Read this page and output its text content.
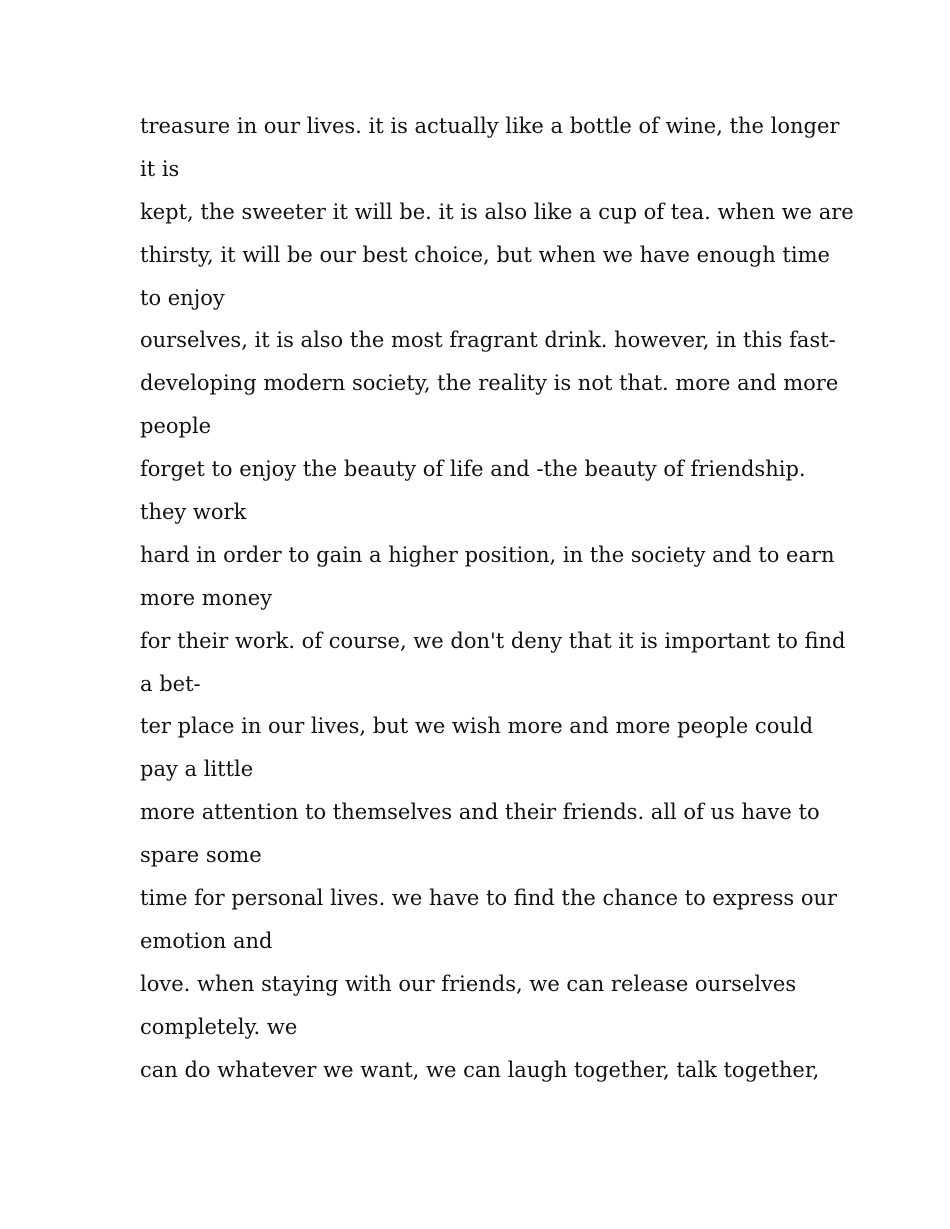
treasure in our lives. it is actually like a bottle of wine, the longer

it is

kept, the sweeter it will be. it is also like a cup of tea. when we are

thirsty, it will be our best choice, but when we have enough time

to enjoy

ourselves, it is also the most fragrant drink. however, in this fast-

developing modern society, the reality is not that. more and more

people

forget to enjoy the beauty of life and -the beauty of friendship.

they work

hard in order to gain a higher position, in the society and to earn

more money

for their work. of course, we don't deny that it is important to find

a bet-

ter place in our lives, but we wish more and more people could

pay a little

more attention to themselves and their friends. all of us have to

spare some

time for personal lives. we have to find the chance to express our

emotion and

love. when staying with our friends, we can release ourselves

completely. we

can do whatever we want, we can laugh together, talk together,
